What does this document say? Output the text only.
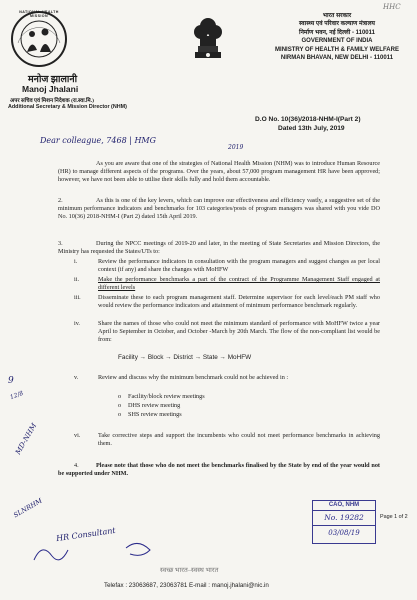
HHC
NATIONAL HEALTH MISSION
मनोज झालानी
Manoj Jhalani
अपर सचिव एवं मिशन निदेशक (रा.स्वा.मि.)
Additional Secretary & Mission Director (NHM)
भारत सरकार
स्वास्थ्य एवं परिवार कल्याण मंत्रालय
निर्माण भवन, नई दिल्ली - 110011
GOVERNMENT OF INDIA
MINISTRY OF HEALTH & FAMILY WELFARE
NIRMAN BHAVAN, NEW DELHI - 110011
D.O No. 10(36)/2018-NHM-I(Part 2)
Dated 13th July, 2019
Dear colleague, 7468 | HMG
2019
As you are aware that one of the strategies of National Health Mission (NHM) was to introduce Human Resource (HR) to manage different aspects of the programs. Over the years, about 57,000 program management HR have been approved; however, we have not been able to utilise their skills fully and hold them accountable.
2.	As this is one of the key levers, which can improve our effectiveness and efficiency vastly, a suggestive set of the minimum performance indicators and benchmarks for 103 categories/posts of program managers was shared with you vide DO No. 10(36) 2018-NHM-I (Part 2) dated 15th April 2019.
3.	During the NPCC meetings of 2019-20 and later, in the meeting of State Secretaries and Mission Directors, the Ministry has requested the States/UTs to:
i.	Review the performance indicators in consultation with the program managers and suggest changes as per local context (if any) and share the changes with MoHFW
ii.	Make the performance benchmarks a part of the contract of the Programme Management Staff engaged at different levels
iii.	Disseminate these to each program management staff. Determine supervisor for each level/each PM staff who would review the performance indicators and attainment of minimum performance benchmark regularly.
iv.	Share the names of those who could not meet the minimum standard of performance with MoHFW twice a year April to September in October, and October -March by 20th March. The flow of the non-compliant list would be from:
Facility → Block → District → State → MoHFW
v.	Review and discuss why the minimum benchmark could not be achieved in :
o Facility/block review meetings
o DHS review meeting
o SHS review meetings
vi.	Take corrective steps and support the incumbents who could not meet performance benchmarks in achieving them.
4.	Please note that those who do not meet the benchmarks finalised by the State by end of the year would not be supported under NHM.
CAO, NHM
No. 19282
03/08/19
Page 1 of 2
9
12/8
MD-NHM
SLNRHM
HR Consultant
स्वच्छ भारत–स्वस्थ भारत
Telefax : 23063687, 23063781 E-mail : manoj.jhalani@nic.in
